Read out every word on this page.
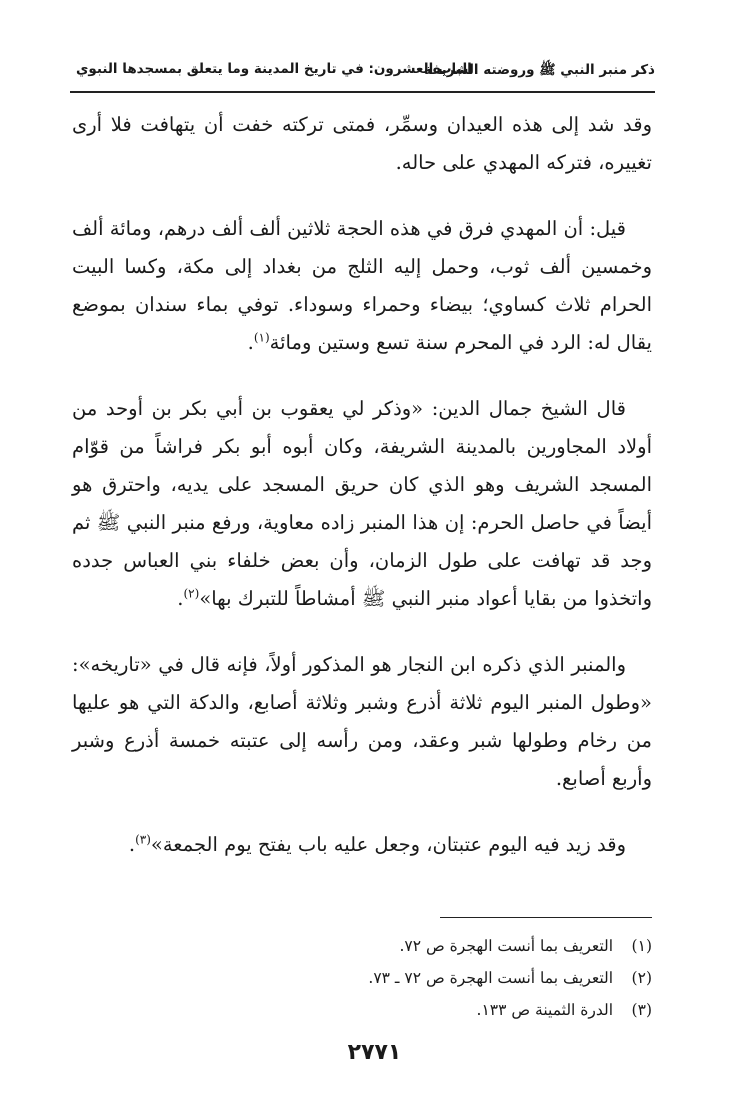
ذكر منبر النبي ﷺ وروضته الشريفة
الباب العشرون: في تاريخ المدينة وما يتعلق بمسجدها النبوي

وقد شد إلى هذه العيدان وسمِّر، فمتى تركته خفت أن يتهافت فلا أرى تغييره، فتركه المهدي على حاله.

قيل: أن المهدي فرق في هذه الحجة ثلاثين ألف ألف درهم، ومائة ألف وخمسين ألف ثوب، وحمل إليه الثلج من بغداد إلى مكة، وكسا البيت الحرام ثلاث كساوي؛ بيضاء وحمراء وسوداء. توفي بماء سندان بموضع يقال له: الرد في المحرم سنة تسع وستين ومائة$^{(١)}$.

قال الشيخ جمال الدين: «وذكر لي يعقوب بن أبي بكر بن أوحد من أولاد المجاورين بالمدينة الشريفة، وكان أبوه أبو بكر فراشاً من قوّام المسجد الشريف وهو الذي كان حريق المسجد على يديه، واحترق هو أيضاً في حاصل الحرم: إن هذا المنبر زاده معاوية، ورفع منبر النبي ﷺ ثم وجد قد تهافت على طول الزمان، وأن بعض خلفاء بني العباس جدده واتخذوا من بقايا أعواد منبر النبي ﷺ أمشاطاً للتبرك بها»$^{(٢)}$.

والمنبر الذي ذكره ابن النجار هو المذكور أولاً، فإنه قال في «تاريخه»: «وطول المنبر اليوم ثلاثة أذرع وشبر وثلاثة أصابع، والدكة التي هو عليها من رخام وطولها شبر وعقد، ومن رأسه إلى عتبته خمسة أذرع وشبر وأربع أصابع.

وقد زيد فيه اليوم عتبتان، وجعل عليه باب يفتح يوم الجمعة»$^{(٣)}$.

(١) التعريف بما أنست الهجرة ص ٧٢.
(٢) التعريف بما أنست الهجرة ص ٧٢ ـ ٧٣.
(٣) الدرة الثمينة ص ١٣٣.
٢٧٧١
